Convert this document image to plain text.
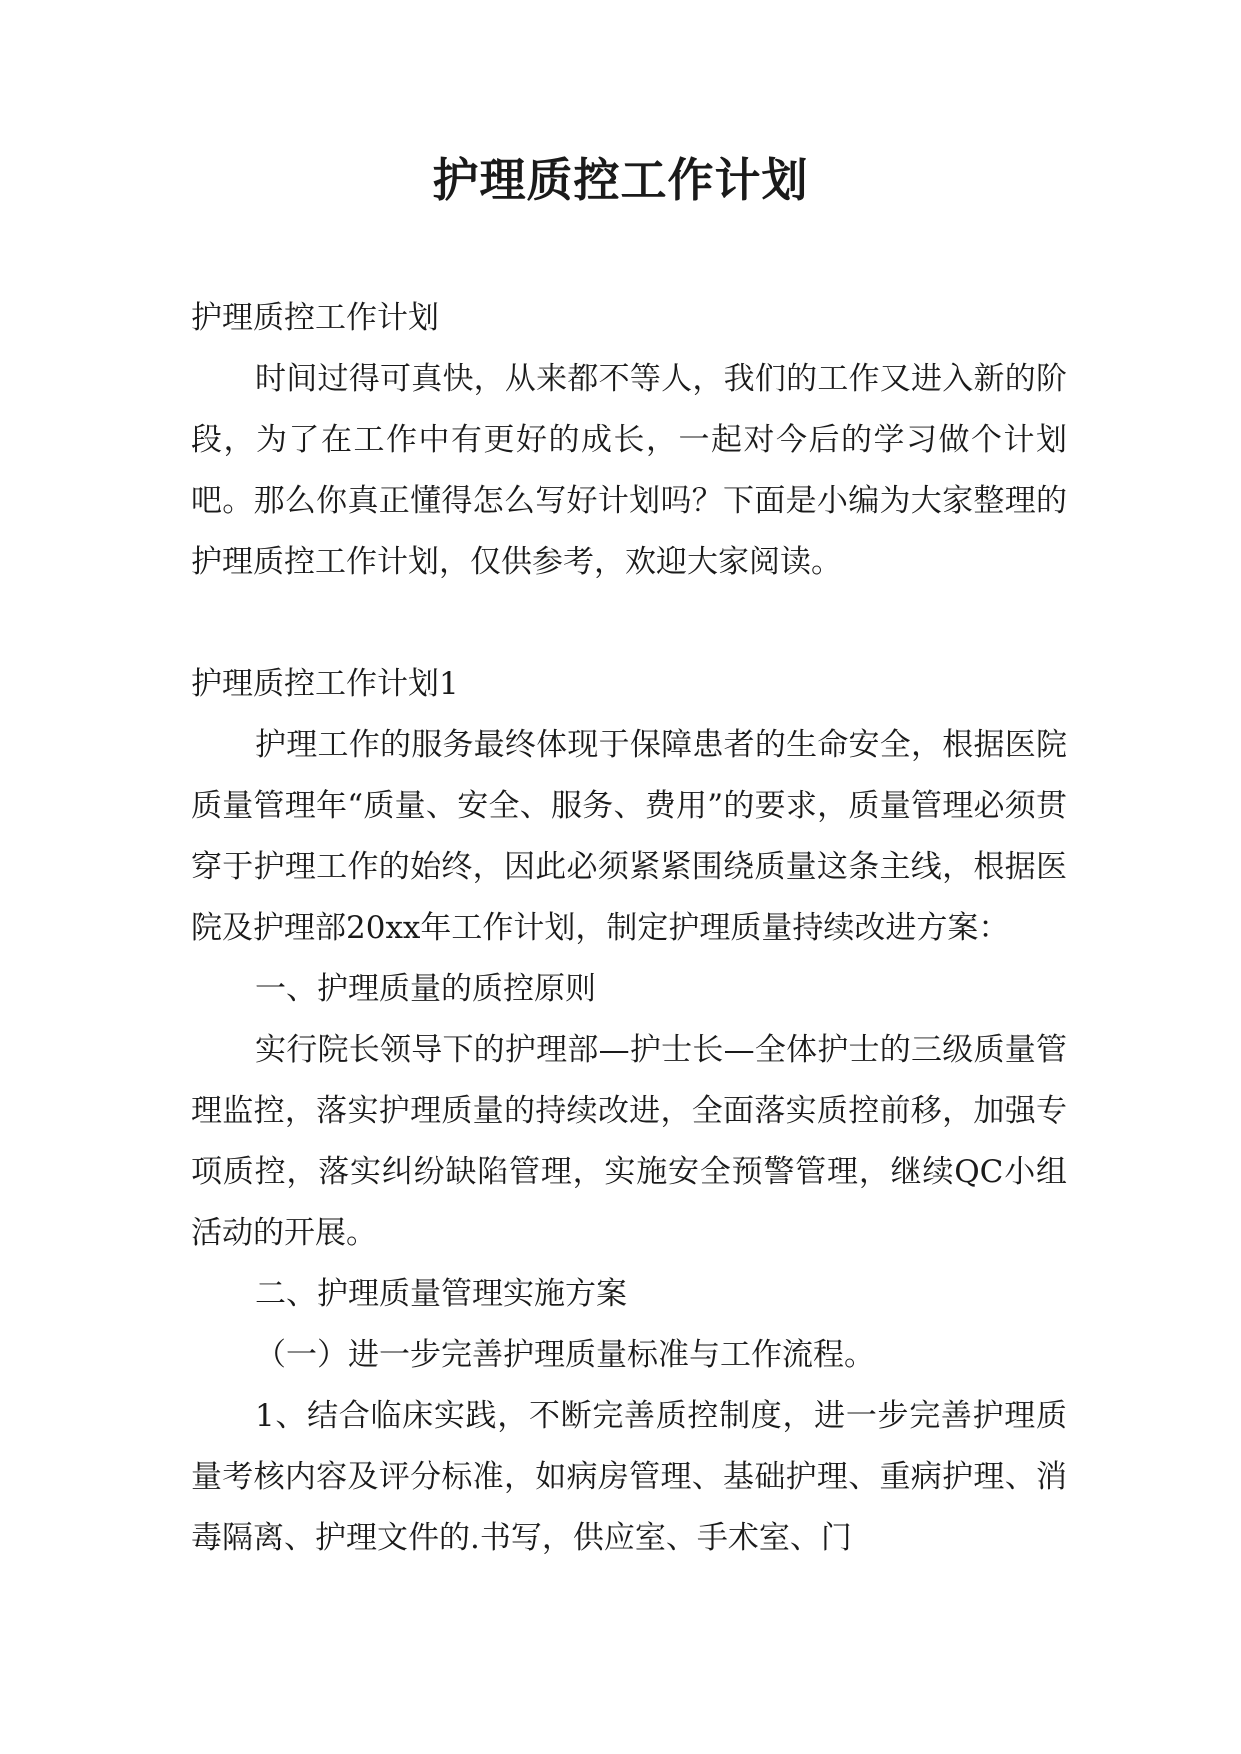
护理质控工作计划

护理质控工作计划

时间过得可真快，从来都不等人，我们的工作又进入新的阶段，为了在工作中有更好的成长，一起对今后的学习做个计划吧。那么你真正懂得怎么写好计划吗？下面是小编为大家整理的护理质控工作计划，仅供参考，欢迎大家阅读。

护理质控工作计划1

护理工作的服务最终体现于保障患者的生命安全，根据医院质量管理年“质量、安全、服务、费用”的要求，质量管理必须贯穿于护理工作的始终，因此必须紧紧围绕质量这条主线，根据医院及护理部20xx年工作计划，制定护理质量持续改进方案：

一、护理质量的质控原则

实行院长领导下的护理部—护士长—全体护士的三级质量管理监控，落实护理质量的持续改进，全面落实质控前移，加强专项质控，落实纠纷缺陷管理，实施安全预警管理，继续QC小组活动的开展。

二、护理质量管理实施方案

（一）进一步完善护理质量标准与工作流程。

1、结合临床实践，不断完善质控制度，进一步完善护理质量考核内容及评分标准，如病房管理、基础护理、重病护理、消毒隔离、护理文件的.书写，供应室、手术室、门
